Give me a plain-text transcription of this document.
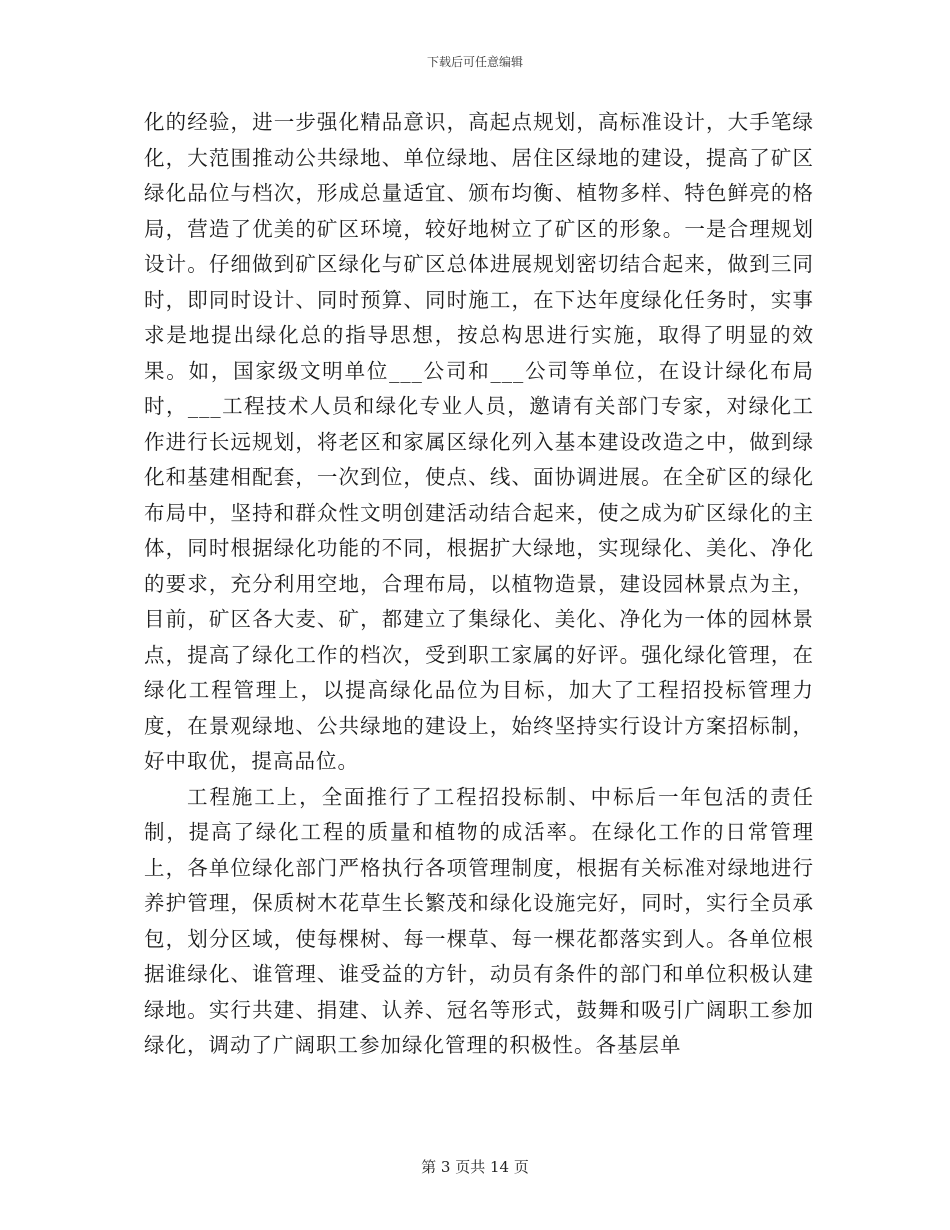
下载后可任意编辑

化的经验，进一步强化精品意识，高起点规划，高标准设计，大手笔绿化，大范围推动公共绿地、单位绿地、居住区绿地的建设，提高了矿区绿化品位与档次，形成总量适宜、颁布均衡、植物多样、特色鲜亮的格局，营造了优美的矿区环境，较好地树立了矿区的形象。一是合理规划设计。仔细做到矿区绿化与矿区总体进展规划密切结合起来，做到三同时，即同时设计、同时预算、同时施工，在下达年度绿化任务时，实事求是地提出绿化总的指导思想，按总构思进行实施，取得了明显的效果。如，国家级文明单位___公司和___公司等单位，在设计绿化布局时，___工程技术人员和绿化专业人员，邀请有关部门专家，对绿化工作进行长远规划，将老区和家属区绿化列入基本建设改造之中，做到绿化和基建相配套，一次到位，使点、线、面协调进展。在全矿区的绿化布局中，坚持和群众性文明创建活动结合起来，使之成为矿区绿化的主体，同时根据绿化功能的不同，根据扩大绿地，实现绿化、美化、净化的要求，充分利用空地，合理布局，以植物造景，建设园林景点为主，目前，矿区各大麦、矿，都建立了集绿化、美化、净化为一体的园林景点，提高了绿化工作的档次，受到职工家属的好评。强化绿化管理，在绿化工程管理上，以提高绿化品位为目标，加大了工程招投标管理力度，在景观绿地、公共绿地的建设上，始终坚持实行设计方案招标制，好中取优，提高品位。

工程施工上，全面推行了工程招投标制、中标后一年包活的责任制，提高了绿化工程的质量和植物的成活率。在绿化工作的日常管理上，各单位绿化部门严格执行各项管理制度，根据有关标准对绿地进行养护管理，保质树木花草生长繁茂和绿化设施完好，同时，实行全员承包，划分区域，使每棵树、每一棵草、每一棵花都落实到人。各单位根据谁绿化、谁管理、谁受益的方针，动员有条件的部门和单位积极认建绿地。实行共建、捐建、认养、冠名等形式，鼓舞和吸引广阔职工参加绿化，调动了广阔职工参加绿化管理的积极性。各基层单

第 3 页共 14 页
